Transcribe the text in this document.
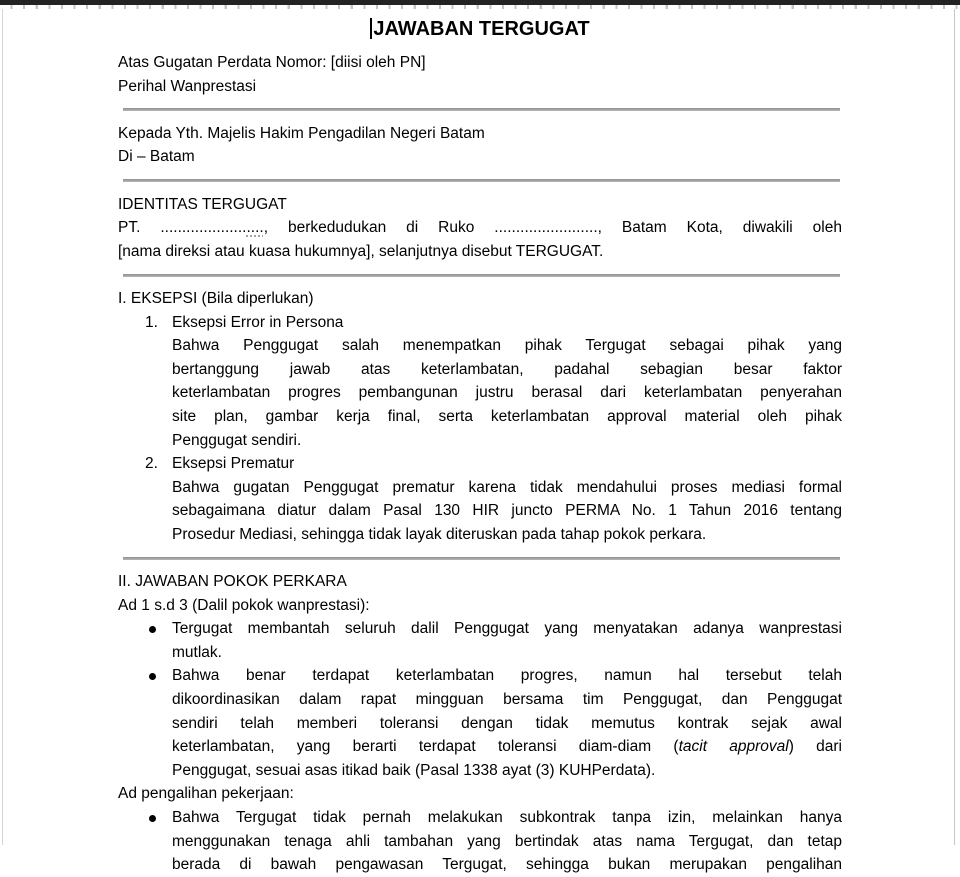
JAWABAN TERGUGAT
Atas Gugatan Perdata Nomor: [diisi oleh PN]
Perihal Wanprestasi
Kepada Yth. Majelis Hakim Pengadilan Negeri Batam
Di – Batam
IDENTITAS TERGUGAT
PT. ........................, berkedudukan di Ruko ........................, Batam Kota, diwakili oleh
[nama direksi atau kuasa hukumnya], selanjutnya disebut TERGUGAT.
I. EKSEPSI (Bila diperlukan)
1. Eksepsi Error in Persona
Bahwa Penggugat salah menempatkan pihak Tergugat sebagai pihak yang
bertanggung jawab atas keterlambatan, padahal sebagian besar faktor
keterlambatan progres pembangunan justru berasal dari keterlambatan penyerahan
site plan, gambar kerja final, serta keterlambatan approval material oleh pihak
Penggugat sendiri.
2. Eksepsi Prematur
Bahwa gugatan Penggugat prematur karena tidak mendahului proses mediasi formal
sebagaimana diatur dalam Pasal 130 HIR juncto PERMA No. 1 Tahun 2016 tentang
Prosedur Mediasi, sehingga tidak layak diteruskan pada tahap pokok perkara.
II. JAWABAN POKOK PERKARA
Ad 1 s.d 3 (Dalil pokok wanprestasi):
Tergugat membantah seluruh dalil Penggugat yang menyatakan adanya wanprestasi
mutlak.
Bahwa benar terdapat keterlambatan progres, namun hal tersebut telah
dikoordinasikan dalam rapat mingguan bersama tim Penggugat, dan Penggugat
sendiri telah memberi toleransi dengan tidak memutus kontrak sejak awal
keterlambatan, yang berarti terdapat toleransi diam-diam (tacit approval) dari
Penggugat, sesuai asas itikad baik (Pasal 1338 ayat (3) KUHPerdata).
Ad pengalihan pekerjaan:
Bahwa Tergugat tidak pernah melakukan subkontrak tanpa izin, melainkan hanya
menggunakan tenaga ahli tambahan yang bertindak atas nama Tergugat, dan tetap
berada di bawah pengawasan Tergugat, sehingga bukan merupakan pengalihan
